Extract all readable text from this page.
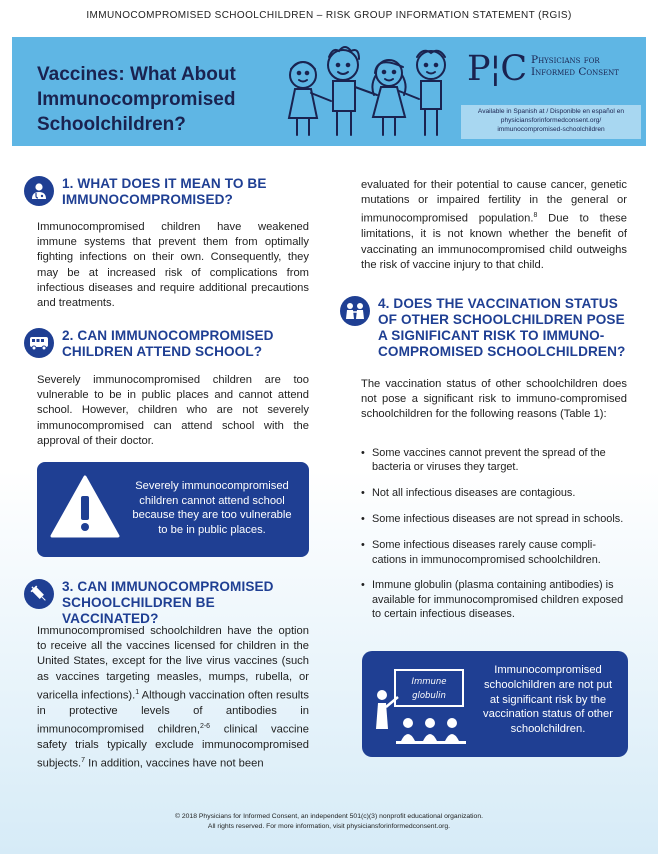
IMMUNOCOMPROMISED SCHOOLCHILDREN – RISK GROUP INFORMATION STATEMENT (RGIS)
Vaccines: What About Immunocompromised Schoolchildren?
P¦C Physicians for Informed Consent
Available in Spanish at / Disponible en español en
physiciansforinformedconsent.org/
immunocompromised-schoolchildren
1. WHAT DOES IT MEAN TO BE IMMUNOCOMPROMISED?
Immunocompromised children have weakened immune systems that prevent them from optimally fighting infections on their own. Consequently, they may be at increased risk of complications from infectious diseases and require additional precautions and treatments.
2. CAN IMMUNOCOMPROMISED CHILDREN ATTEND SCHOOL?
Severely immunocompromised children are too vulnerable to be in public places and cannot attend school. However, children who are not severely immunocompromised can attend school with the approval of their doctor.
Severely immunocompromised children cannot attend school because they are too vulnerable to be in public places.
3. CAN IMMUNOCOMPROMISED SCHOOLCHILDREN BE VACCINATED?
Immunocompromised schoolchildren have the option to receive all the vaccines licensed for children in the United States, except for the live virus vaccines (such as vaccines targeting measles, mumps, rubella, or varicella infections).$^1$ Although vaccination often results in protective levels of antibodies in immunocompromised children,$^{2-6}$ clinical vaccine safety trials typically exclude immunocompromised subjects.$^7$ In addition, vaccines have not been
evaluated for their potential to cause cancer, genetic mutations or impaired fertility in the general or immunocompromised population.$^8$ Due to these limitations, it is not known whether the benefit of vaccinating an immunocompromised child outweighs the risk of vaccine injury to that child.
4. DOES THE VACCINATION STATUS OF OTHER SCHOOLCHILDREN POSE A SIGNIFICANT RISK TO IMMUNO-COMPROMISED SCHOOLCHILDREN?
The vaccination status of other schoolchildren does not pose a significant risk to immuno-compromised schoolchildren for the following reasons (Table 1):
• Some vaccines cannot prevent the spread of the bacteria or viruses they target.
• Not all infectious diseases are contagious.
• Some infectious diseases are not spread in schools.
• Some infectious diseases rarely cause compli-cations in immunocompromised schoolchildren.
• Immune globulin (plasma containing antibodies) is available for immunocompromised children exposed to certain infectious diseases.
Immune
globulin
Immunocompromised schoolchildren are not put at significant risk by the vaccination status of other schoolchildren.
© 2018 Physicians for Informed Consent, an independent 501(c)(3) nonprofit educational organization.
All rights reserved. For more information, visit physiciansforinformedconsent.org.
